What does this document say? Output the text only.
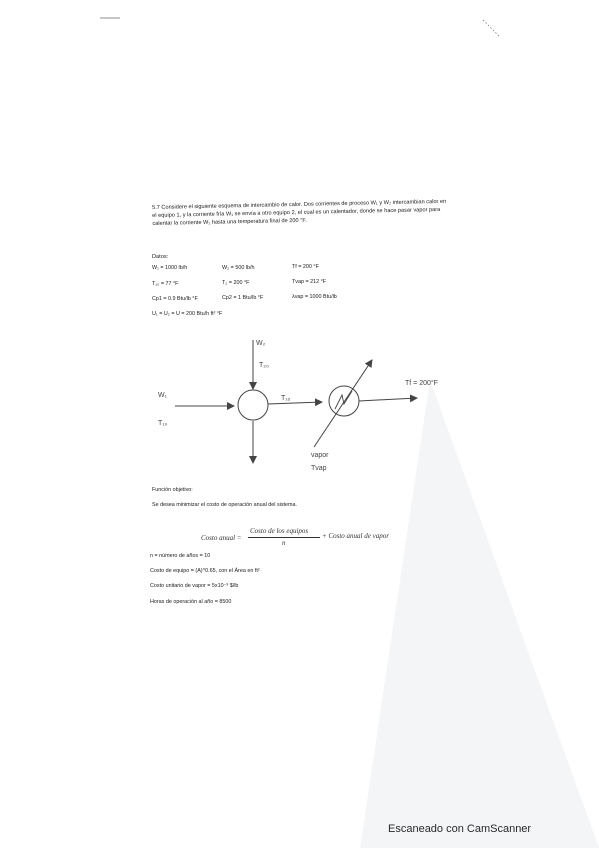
5.7 Considere el siguiente esquema de intercambio de calor. Dos corrientes de proceso W₁ y W₂ intercambian calor en el equipo 1, y la corriente fría W₁ se envía a otro equipo 2, el cual es un calentador, donde se hace pasar vapor para calentar la corriente W₁ hasta una temperatura final de 200 °F.
Datos:
W₁ = 1000 lb/h	W₂ = 500 lb/h	Tf = 200 °F
T₁₀ = 77 °F	T₂ = 200 °F	Tvap = 212 °F
Cp1 = 0.9 Btu/lb °F	Cp2 = 1 Btu/lb °F	λvap = 1000 Btu/lb
U₁ = U₂ = U = 200 Btu/h ft² °F
W₂
T₂₀
W₁
T₁₀
T₁ₒ
Tf = 200°F
vapor
Tvap
Función objetivo:
Se desea minimizar el costo de operación anual del sistema.
Costo anual =
Costo de los equipos
n
+ Costo anual de vapor
n = número de años = 10
Costo de equipo = (A)^0.65, con el Área en ft²
Costo unitario de vapor = 5x10⁻³ $/lb
Horas de operación al año = 8500
Escaneado con CamScanner
